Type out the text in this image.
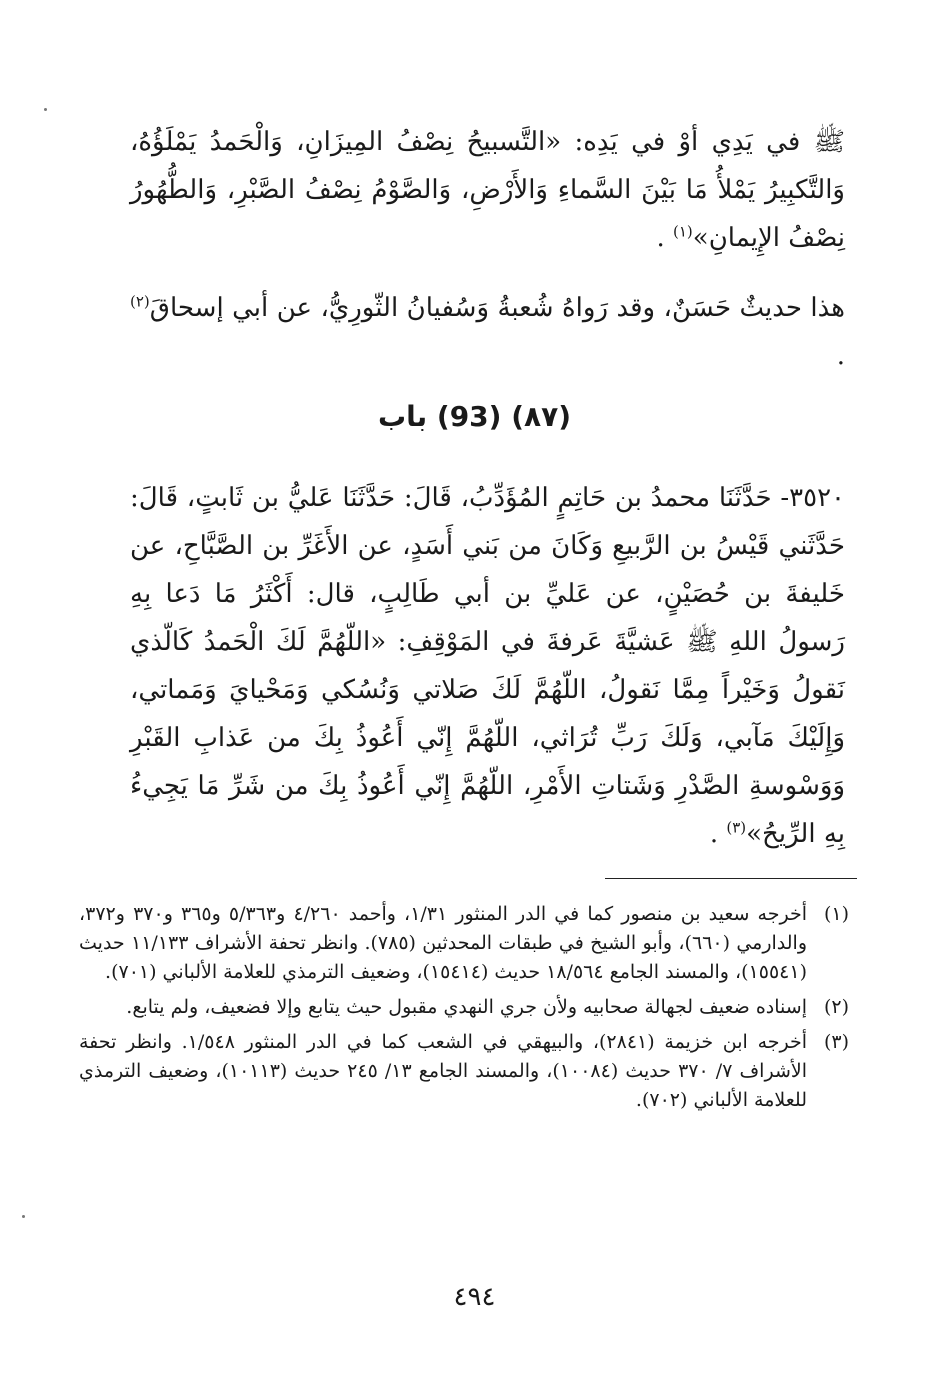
ﷺ في يَدِي أوْ في يَدِه: «التَّسبيحُ نِصْفُ المِيزَانِ، وَالْحَمدُ يَمْلَؤُهُ، وَالتَّكبِيرُ يَمْلأُ مَا بَيْنَ السَّماءِ وَالأَرْضِ، وَالصَّوْمُ نِصْفُ الصَّبْرِ، وَالطُّهُورُ نِصْفُ الإِيمانِ»$^{(١)}$ .

هذا حديثٌ حَسَنٌ، وقد رَواهُ شُعبةُ وَسُفيانُ الثّورِيُّ، عن أبي إسحاقَ$^{(٢)}$ .

(٨٧) (93) باب

٣٥٢٠- حَدَّثَنَا محمدُ بن حَاتِمٍ المُؤَدِّبُ، قَالَ: حَدَّثَنَا عَليُّ بن ثَابتٍ، قَالَ: حَدَّثَني قَيْسُ بن الرَّبيعِ وَكَانَ من بَني أَسَدٍ، عن الأَغَرِّ بن الصَّبَّاحِ، عن خَليفةَ بن حُصَيْنٍ، عن عَليِّ بن أبي طَالِبٍ، قال: أَكْثَرُ مَا دَعا بِهِ رَسولُ اللهِ ﷺ عَشيَّةَ عَرفةَ في المَوْقِفِ: «اللّهُمَّ لَكَ الْحَمدُ كَالّذي نَقولُ وَخَيْراً مِمَّا نَقولُ، اللّهُمَّ لَكَ صَلاتي وَنُسُكي وَمَحْيايَ وَمَماتي، وَإِلَيْكَ مَآبي، وَلَكَ رَبِّ تُرَاثي، اللّهُمَّ إِنّي أَعُوذُ بِكَ من عَذابِ القَبْرِ وَوَسْوسةِ الصَّدْرِ وَشَتاتِ الأَمْرِ، اللّهُمَّ إِنّي أَعُوذُ بِكَ من شَرِّ مَا يَجِيءُ بِهِ الرِّيحُ»$^{(٣)}$ .

(١)
أخرجه سعيد بن منصور كما في الدر المنثور ١/٣١، وأحمد ٤/٢٦٠ و٥/٣٦٣ و٣٦٥ و٣٧٠ و٣٧٢، والدارمي (٦٦٠)، وأبو الشيخ في طبقات المحدثين (٧٨٥). وانظر تحفة الأشراف ١١/١٣٣ حديث (١٥٥٤١)، والمسند الجامع ١٨/٥٦٤ حديث (١٥٤١٤)، وضعيف الترمذي للعلامة الألباني (٧٠١).
(٢)
إسناده ضعيف لجهالة صحابيه ولأن جري النهدي مقبول حيث يتابع وإلا فضعيف، ولم يتابع.
(٣)
أخرجه ابن خزيمة (٢٨٤١)، والبيهقي في الشعب كما في الدر المنثور ١/٥٤٨. وانظر تحفة الأشراف ٧/ ٣٧٠ حديث (١٠٠٨٤)، والمسند الجامع ١٣/ ٢٤٥ حديث (١٠١١٣)، وضعيف الترمذي للعلامة الألباني (٧٠٢).
٤٩٤
